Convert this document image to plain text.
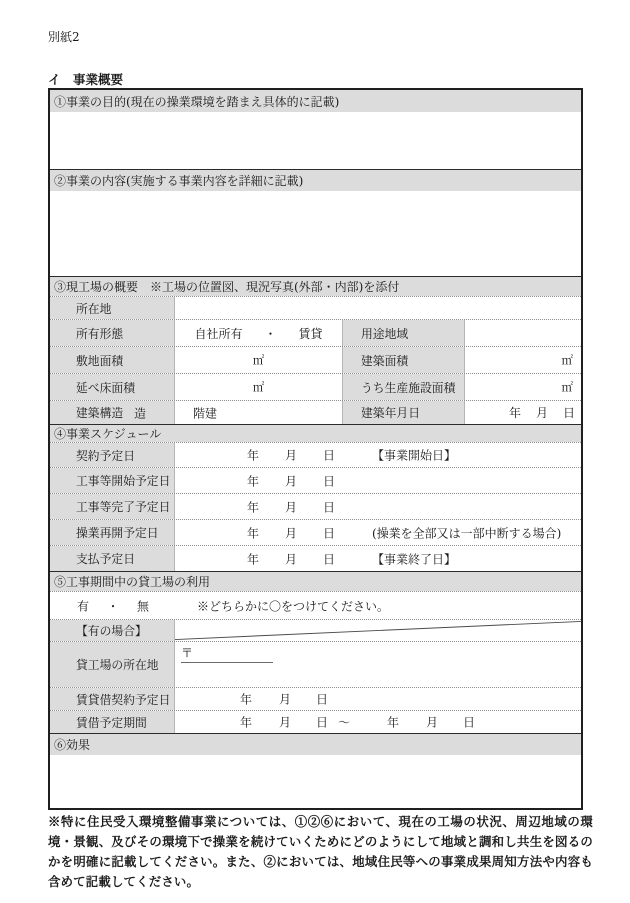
別紙2
イ　事業概要
①事業の目的(現在の操業環境を踏まえ具体的に記載)
②事業の内容(実施する事業内容を詳細に記載)
③現工場の概要　※工場の位置図、現況写真(外部・内部)を添付
所在地
所有形態	自社所有 ・ 賃貸	用途地域
敷地面積	㎡	建築面積	㎡
延べ床面積	㎡	うち生産施設面積	㎡
建築構造 造	階建	建築年月日	年 月 日
④事業スケジュール
契約予定日	年 月 日	【事業開始日】
工事等開始予定日	年 月 日
工事等完了予定日	年 月 日
操業再開予定日	年 月 日	(操業を全部又は一部中断する場合)
支払予定日	年 月 日	【事業終了日】
⑤工事期間中の貸工場の利用
有 ・ 無	※どちらかに〇をつけてください。
【有の場合】
貸工場の所在地
〒
賃貸借契約予定日	年 月 日
賃借予定期間	年 月 日 ～	年 月 日
⑥効果
※特に住民受入環境整備事業については、①②⑥において、現在の工場の状況、周辺地域の環境・景観、及びその環境下で操業を続けていくためにどのようにして地域と調和し共生を図るのかを明確に記載してください。また、②においては、地域住民等への事業成果周知方法や内容も含めて記載してください。
